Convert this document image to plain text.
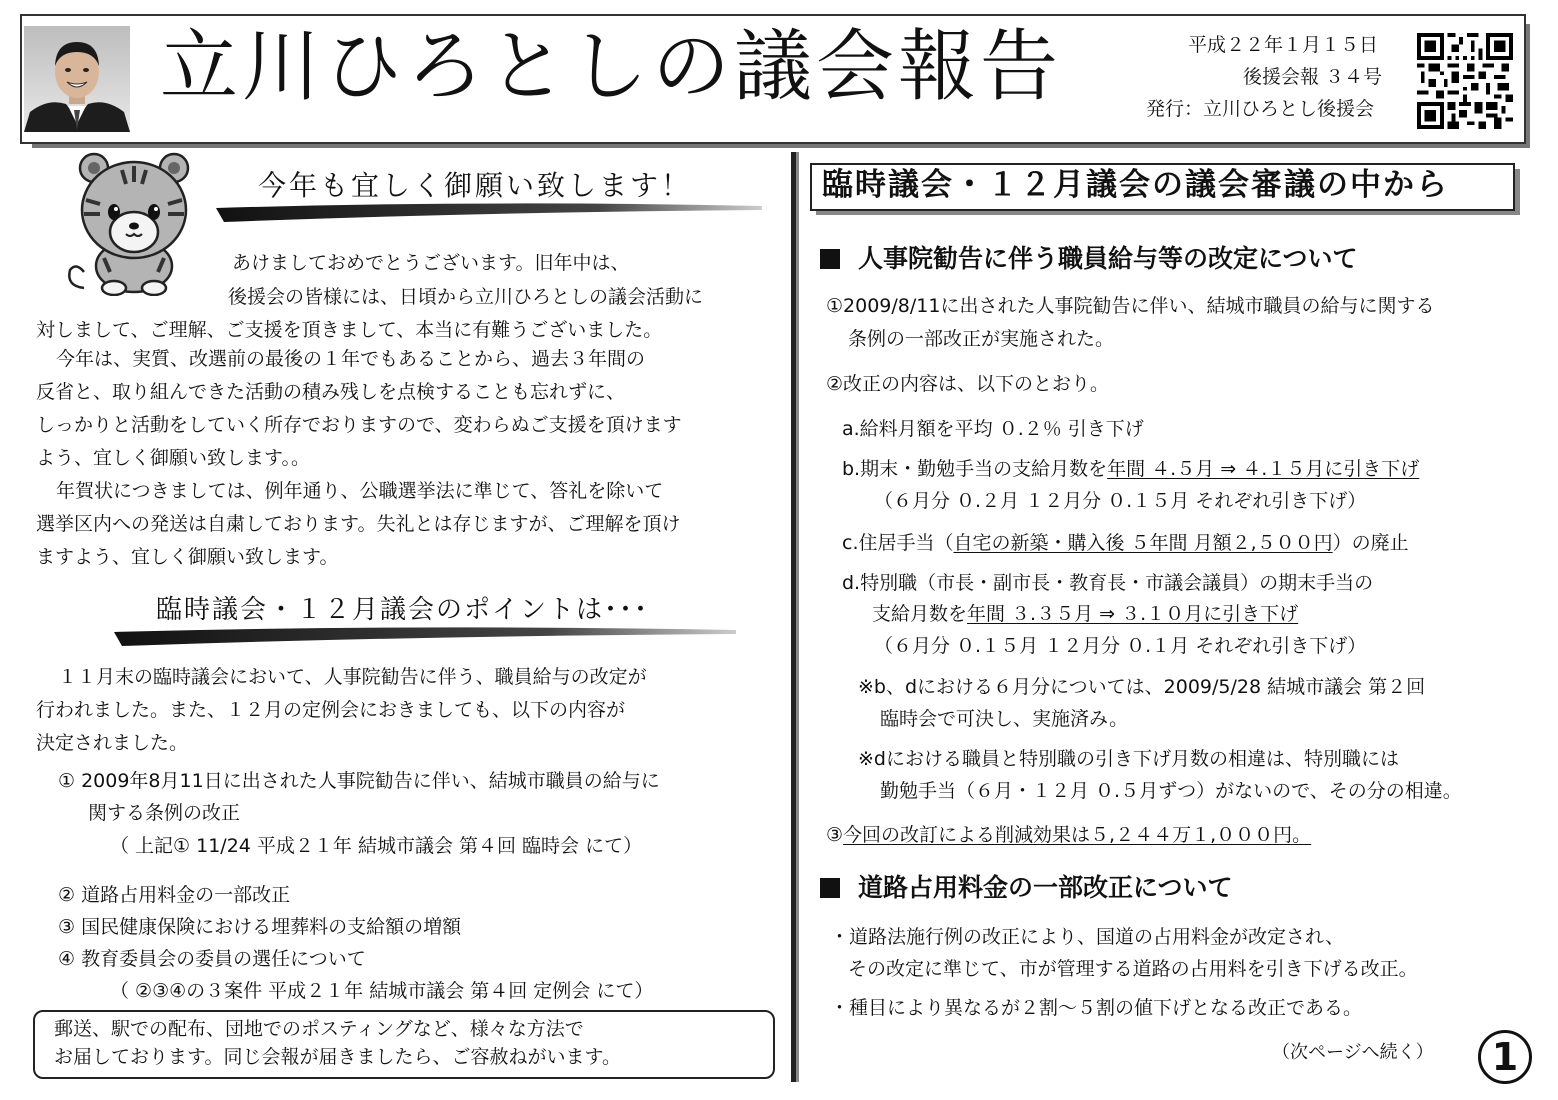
立川ひろとしの議会報告	平成２２年１月１５日
後援会報 ３４号
発行：立川ひろとし後援会
今年も宜しく御願い致します！
あけましておめでとうございます。旧年中は、
後援会の皆様には、日頃から立川ひろとしの議会活動に
対しまして、ご理解、ご支援を頂きまして、本当に有難うございました。
今年は、実質、改選前の最後の１年でもあることから、過去３年間の
反省と、取り組んできた活動の積み残しを点検することも忘れずに、
しっかりと活動をしていく所存でおりますので、変わらぬご支援を頂けます
よう、宜しく御願い致します。。
年賀状につきましては、例年通り、公職選挙法に準じて、答礼を除いて
選挙区内への発送は自粛しております。失礼とは存じますが、ご理解を頂け
ますよう、宜しく御願い致します。
臨時議会・１２月議会のポイントは･･･
１１月末の臨時議会において、人事院勧告に伴う、職員給与の改定が
行われました。また、１２月の定例会におきましても、以下の内容が
決定されました。
① 2009年8月11日に出された人事院勧告に伴い、結城市職員の給与に
関する条例の改正
（ 上記① 11/24 平成２１年 結城市議会 第４回 臨時会 にて）
② 道路占用料金の一部改正
③ 国民健康保険における埋葬料の支給額の増額
④ 教育委員会の委員の選任について
（ ②③④の３案件 平成２１年 結城市議会 第４回 定例会 にて）
郵送、駅での配布、団地でのポスティングなど、様々な方法で
お届しております。同じ会報が届きましたら、ご容赦ねがいます。
臨時議会・１２月議会の議会審議の中から
人事院勧告に伴う職員給与等の改定について
①2009/8/11に出された人事院勧告に伴い、結城市職員の給与に関する
条例の一部改正が実施された。
②改正の内容は、以下のとおり。
a.給料月額を平均 ０.２％ 引き下げ
b.期末・勤勉手当の支給月数を年間 ４.５月 ⇒ ４.１５月に引き下げ
（６月分 ０.２月 １２月分 ０.１５月 それぞれ引き下げ）
c.住居手当（自宅の新築・購入後 ５年間 月額２,５００円）の廃止
d.特別職（市長・副市長・教育長・市議会議員）の期末手当の
支給月数を年間 ３.３５月 ⇒ ３.１０月に引き下げ
（６月分 ０.１５月 １２月分 ０.１月 それぞれ引き下げ）
※b、dにおける６月分については、2009/5/28 結城市議会 第２回
臨時会で可決し、実施済み。
※dにおける職員と特別職の引き下げ月数の相違は、特別職には
勤勉手当（６月・１２月 ０.５月ずつ）がないので、その分の相違。
③今回の改訂による削減効果は５,２４４万１,０００円。
道路占用料金の一部改正について
・道路法施行例の改正により、国道の占用料金が改定され、
その改定に準じて、市が管理する道路の占用料を引き下げる改正。
・種目により異なるが２割～５割の値下げとなる改正である。
（次ページへ続く）	1
